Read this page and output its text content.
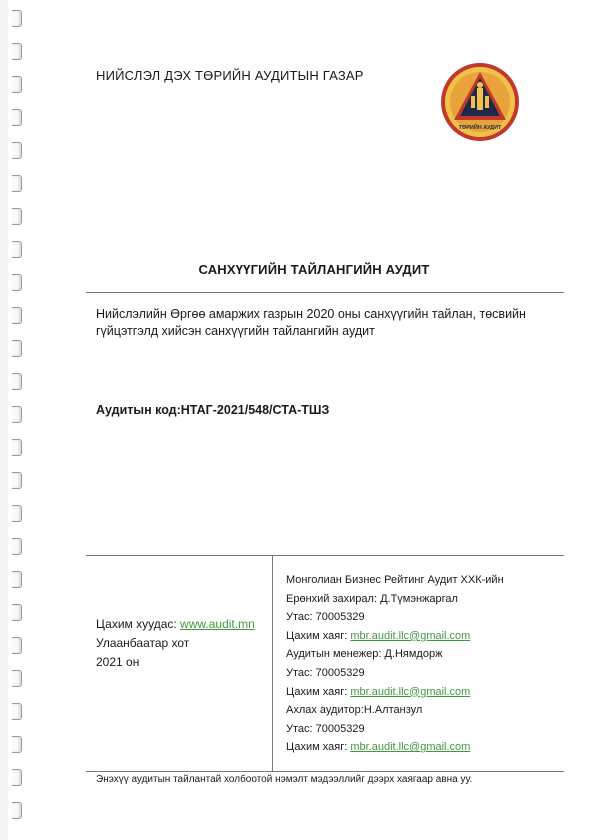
НИЙСЛЭЛ ДЭХ ТӨРИЙН АУДИТЫН ГАЗАР
ТӨРИЙН АУДИТ
САНХҮҮГИЙН ТАЙЛАНГИЙН АУДИТ
Нийслэлийн Өргөө амаржих газрын 2020 оны санхүүгийн тайлан, төсвийн гүйцэтгэлд хийсэн санхүүгийн тайлангийн аудит
Аудитын код:НТАГ-2021/548/СТА-ТШЗ
Цахим хуудас: www.audit.mn
Улаанбаатар хот
2021 он
Монголиан Бизнес Рейтинг Аудит ХХК-ийн
Ерөнхий захирал: Д.Түмэнжаргал
Утас: 70005329
Цахим хаяг: mbr.audit.llc@gmail.com
Аудитын менежер: Д.Нямдорж
Утас: 70005329
Цахим хаяг: mbr.audit.llc@gmail.com
Ахлах аудитор:Н.Алтанзул
Утас: 70005329
Цахим хаяг: mbr.audit.llc@gmail.com
Энэхүү аудитын тайлантай холбоотой нэмэлт мэдээллийг дээрх хаягаар авна уу.
